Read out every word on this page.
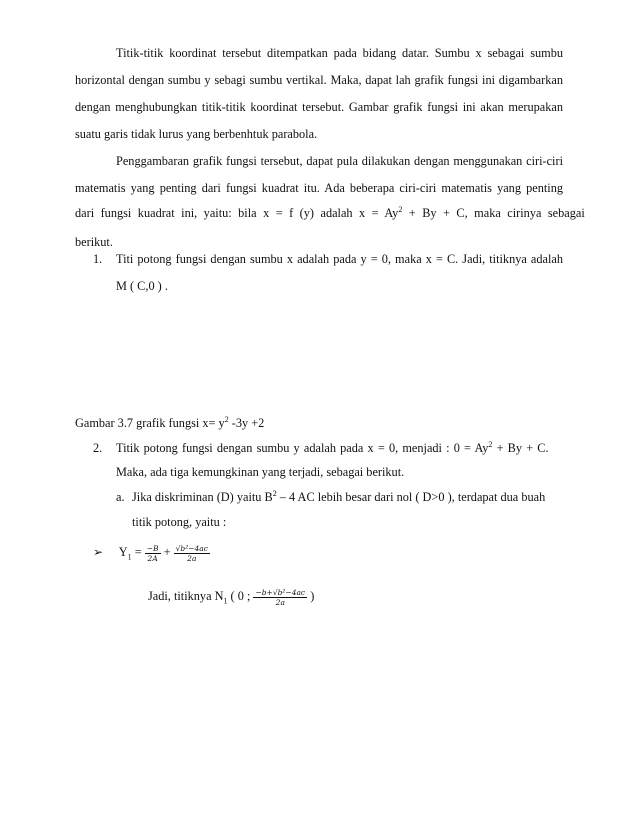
Titik-titik koordinat tersebut ditempatkan pada bidang datar. Sumbu x sebagai sumbu
horizontal dengan sumbu y sebagi sumbu vertikal. Maka, dapat lah grafik fungsi ini digambarkan
dengan menghubungkan titik-titik koordinat tersebut. Gambar grafik fungsi ini akan merupakan
suatu garis tidak lurus yang berbenhtuk parabola.
Penggambaran grafik fungsi tersebut, dapat pula dilakukan dengan menggunakan ciri-ciri
matematis yang penting dari fungsi kuadrat itu. Ada beberapa ciri-ciri matematis yang penting
dari fungsi kuadrat ini, yaitu: bila x = f (y) adalah $x = Ay^2 + By + C$, maka cirinya sebagai
berikut.
1. Titi potong fungsi dengan sumbu x adalah pada y = 0, maka x = C. Jadi, titiknya adalah
M ( C,0 ) .
Gambar 3.7 grafik fungsi $x= y^2$ -3y +2
2. Titik potong fungsi dengan sumbu y adalah pada x = 0, menjadi : $0 = Ay^2 + By + C$.
Maka, ada tiga kemungkinan yang terjadi, sebagai berikut.
a. Jika diskriminan (D) yaitu $B^2 - 4$ AC lebih besar dari nol ( D>0 ), terdapat dua buah
titik potong, yaitu :
➢ $Y_1 = \frac{-B}{2A} + \frac{\text{√b²−4ac}}{2a}$
Jadi, titiknya $N_1$ ( 0 ; $\frac{\text{−b+√b²−4ac}}{2a}$ )
